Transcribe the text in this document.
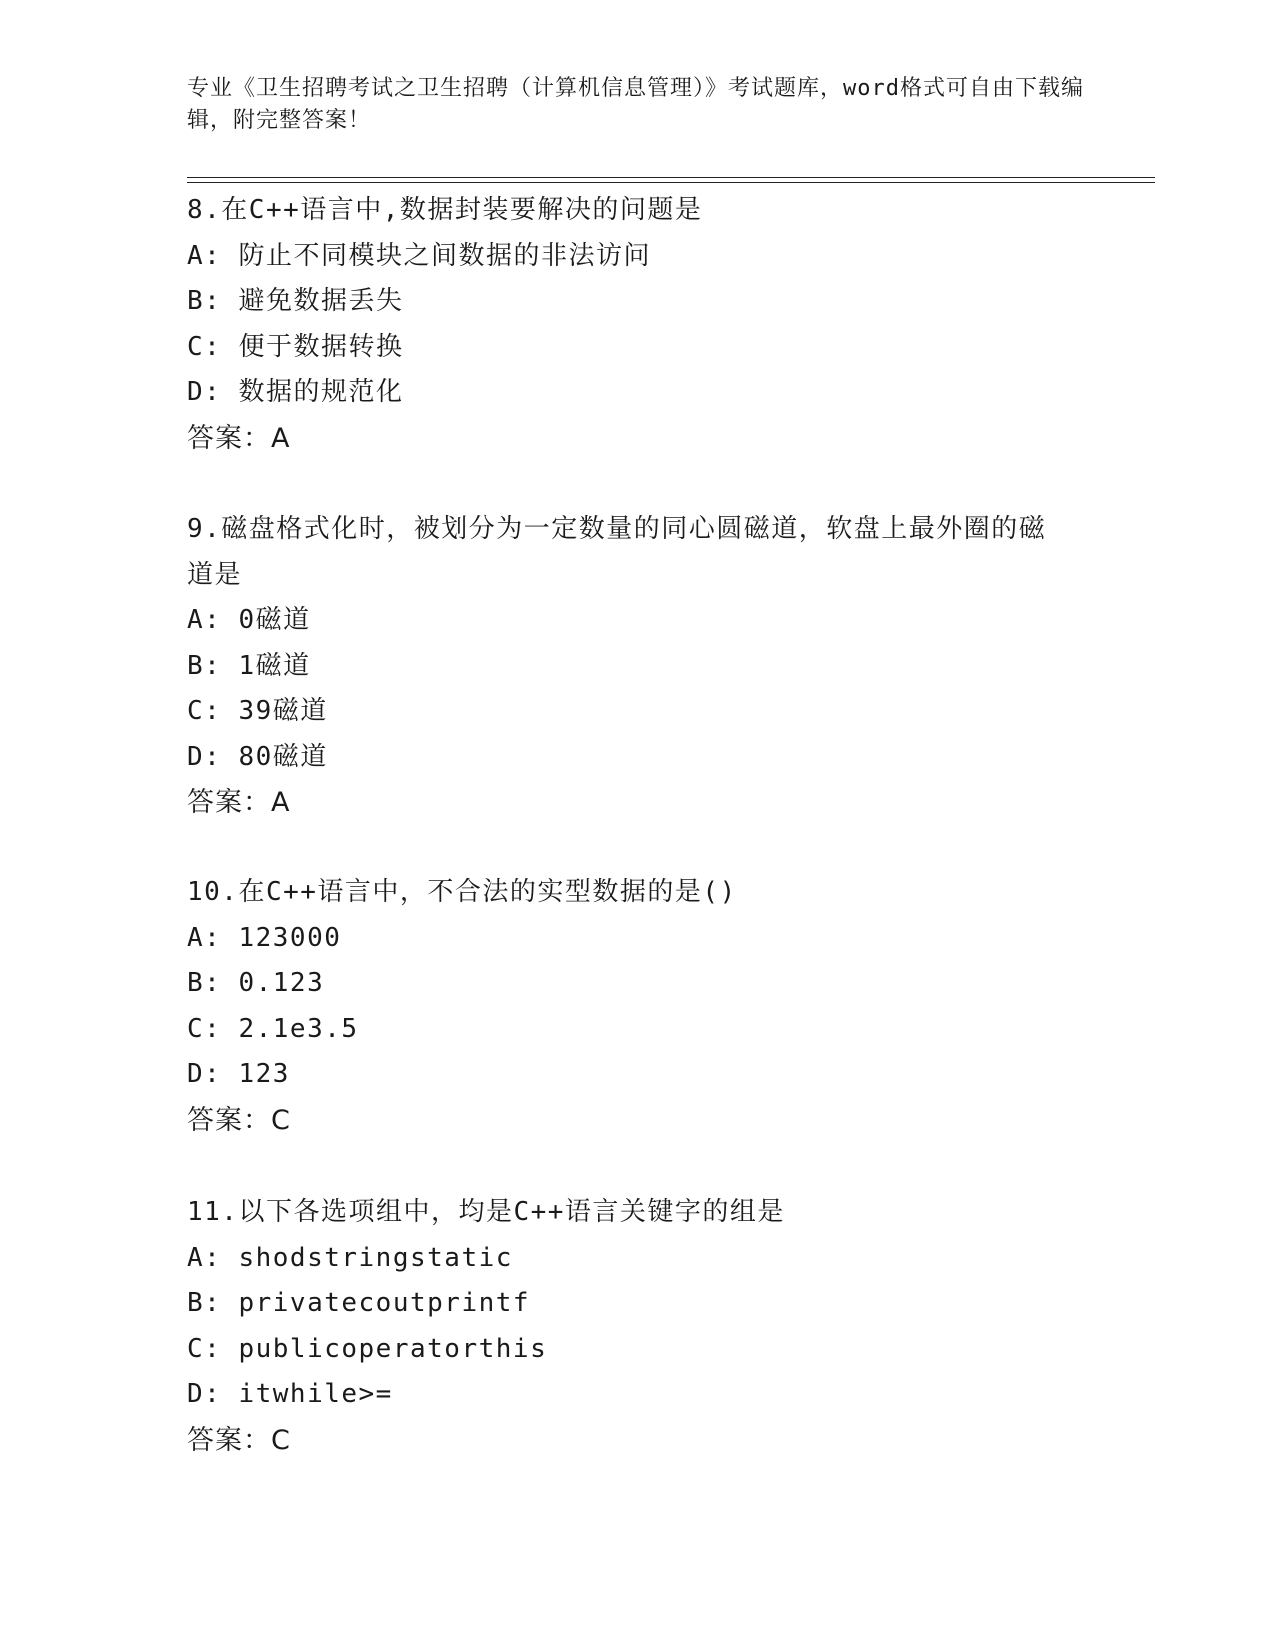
专业《卫生招聘考试之卫生招聘（计算机信息管理）》考试题库，word格式可自由下载编辑，附完整答案！

8.在C++语言中,数据封装要解决的问题是
A: 防止不同模块之间数据的非法访问
B: 避免数据丢失
C: 便于数据转换
D: 数据的规范化
答案：A
9.磁盘格式化时，被划分为一定数量的同心圆磁道，软盘上最外圈的磁道是
A: 0磁道
B: 1磁道
C: 39磁道
D: 80磁道
答案：A
10.在C++语言中，不合法的实型数据的是()
A: 123000
B: 0.123
C: 2.1e3.5
D: 123
答案：C
11.以下各选项组中，均是C++语言关键字的组是
A: shodstringstatic
B: privatecoutprintf
C: publicoperatorthis
D: itwhile>=
答案：C
